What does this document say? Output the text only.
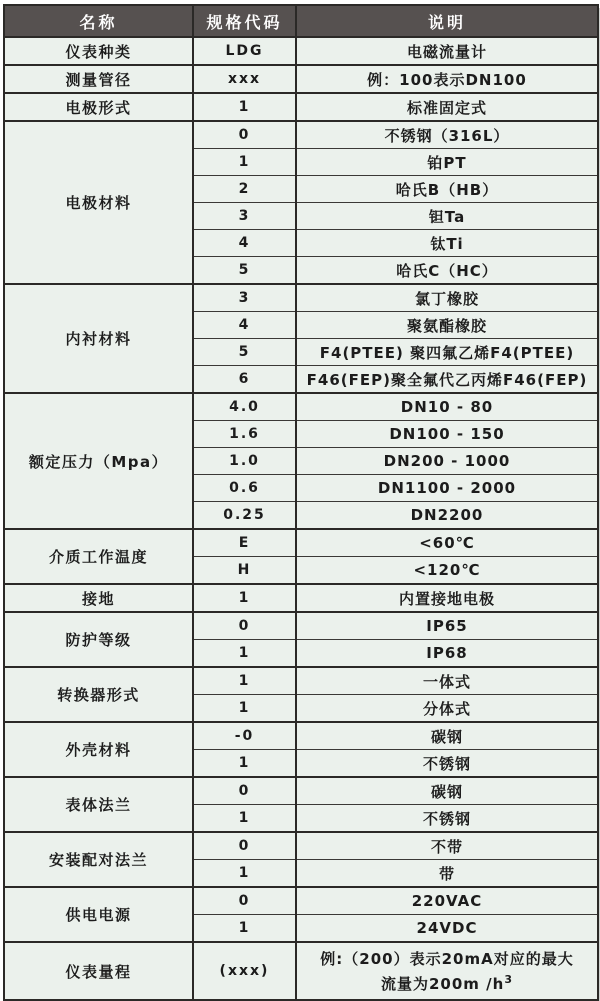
名称	规格代码	说明
仪表种类	LDG	电磁流量计
测量管径	xxx	例：100表示DN100
电极形式	1	标准固定式
电极材料	0	不锈钢（316L）
	1	铂PT
	2	哈氏B（HB）
	3	钽Ta
	4	钛Ti
	5	哈氏C（HC）
内衬材料	3	氯丁橡胶
	4	聚氨酯橡胶
	5	F4(PTEE) 聚四氟乙烯F4(PTEE)
	6	F46(FEP)聚全氟代乙丙烯F46(FEP)
额定压力（Mpa）	4.0	DN10 - 80
	1.6	DN100 - 150
	1.0	DN200 - 1000
	0.6	DN1100 - 2000
	0.25	DN2200
介质工作温度	E	<60℃
	H	<120℃
接地	1	内置接地电极
防护等级	0	IP65
	1	IP68
转换器形式	1	一体式
	1	分体式
外壳材料	-0	碳钢
	1	不锈钢
表体法兰	0	碳钢
	1	不锈钢
安装配对法兰	0	不带
	1	带
供电电源	0	220VAC
	1	24VDC
仪表量程	(xxx)	例:（200）表示20mA对应的最大
流量为200m $/h^3$
